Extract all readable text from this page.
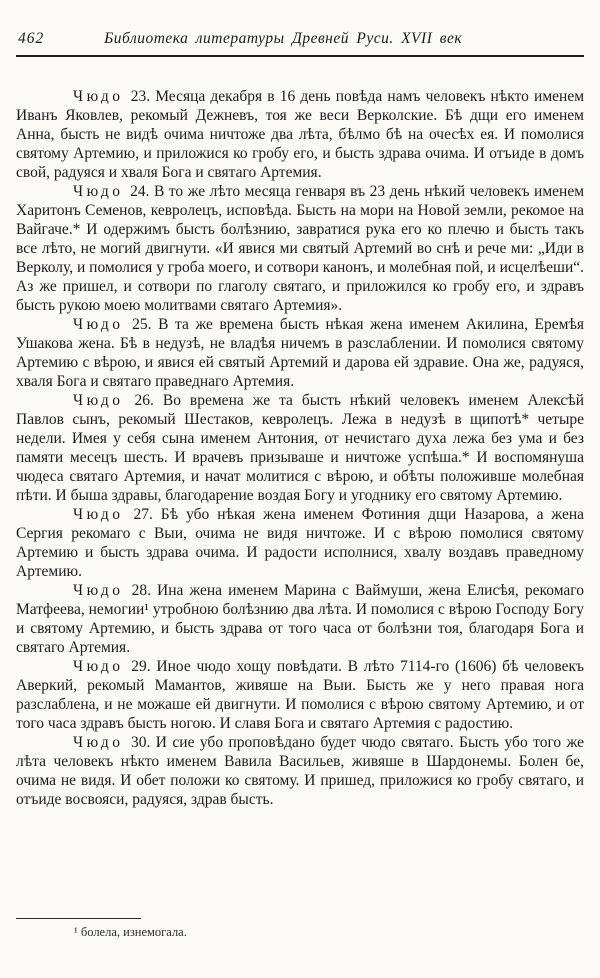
462	Библиотека литературы Древней Руси. XVII век

Чюдо 23. Месяца декабря в 16 день повѣда намъ человекъ нѣкто именем Иванъ Яковлев, рекомый Дежневъ, тоя же веси Верколские. Бѣ дщи его именем Анна, бысть не видѣ очима ничтоже два лѣта, бѣлмо бѣ на очесѣх ея. И помолися святому Артемию, и приложися ко гробу его, и бысть здрава очима. И отъиде в домъ свой, радуяся и хваля Бога и святаго Артемия.

Чюдо 24. В то же лѣто месяца генваря въ 23 день нѣкий человекъ именем Харитонъ Семенов, кевролецъ, исповѣда. Бысть на мори на Новой земли, рекомое на Вайгаче.* И одержимъ бысть болѣзнию, завратися рука его ко плечю и бысть такъ все лѣто, не могий двигнути. «И явися ми святый Артемий во снѣ и рече ми: „Иди в Верколу, и помолися у гроба моего, и сотвори канонъ, и молебная пой, и исцелѣеши“. Аз же пришел, и сотвори по глаголу святаго, и приложился ко гробу его, и здравъ бысть рукою моею молитвами святаго Артемия».

Чюдо 25. В та же времена бысть нѣкая жена именем Акилина, Еремѣя Ушакова жена. Бѣ в недузѣ, не владѣя ничемъ в разслаблении. И помолися святому Артемию с вѣрою, и явися ей святый Артемий и дарова ей здравие. Она же, радуяся, хваля Бога и святаго праведнаго Артемия.

Чюдо 26. Во времена же та бысть нѣкий человекъ именем Алексѣй Павлов сынъ, рекомый Шестаков, кевролецъ. Лежа в недузѣ в щипотѣ* четыре недели. Имея у себя сына именем Антония, от нечистаго духа лежа без ума и без памяти месецъ шесть. И врачевъ призываше и ничтоже успѣша.* И воспомянуша чюдеса святаго Артемия, и начат молитися с вѣрою, и обѣты положивше молебная пѣти. И быша здравы, благодарение воздая Богу и угоднику его святому Артемию.

Чюдо 27. Бѣ убо нѣкая жена именем Фотиния дщи Назарова, а жена Сергия рекомаго с Выи, очима не видя ничтоже. И с вѣрою помолися святому Артемию и бысть здрава очима. И радости исполнися, хвалу воздавъ праведному Артемию.

Чюдо 28. Ина жена именем Марина с Ваймуши, жена Елисѣя, рекомаго Матфеева, немогии¹ утробною болѣзнию два лѣта. И помолися с вѣрою Господу Богу и святому Артемию, и бысть здрава от того часа от болѣзни тоя, благодаря Бога и святаго Артемия.

Чюдо 29. Иное чюдо хощу повѣдати. В лѣто 7114-го (1606) бѣ человекъ Аверкий, рекомый Мамантов, живяше на Выи. Бысть же у него правая нога разслаблена, и не можаше ей двигнути. И помолися с вѣрою святому Артемию, и от того часа здравъ бысть ногою. И славя Бога и святаго Артемия с радостию.

Чюдо 30. И сие убо проповѣдано будет чюдо святаго. Бысть убо того же лѣта человекъ нѣкто именем Вавила Васильев, живяше в Шардонемы. Болен бе, очима не видя. И обет положи ко святому. И пришед, приложися ко гробу святаго, и отъиде восвояси, радуяся, здрав бысть.

¹ болела, изнемогала.
